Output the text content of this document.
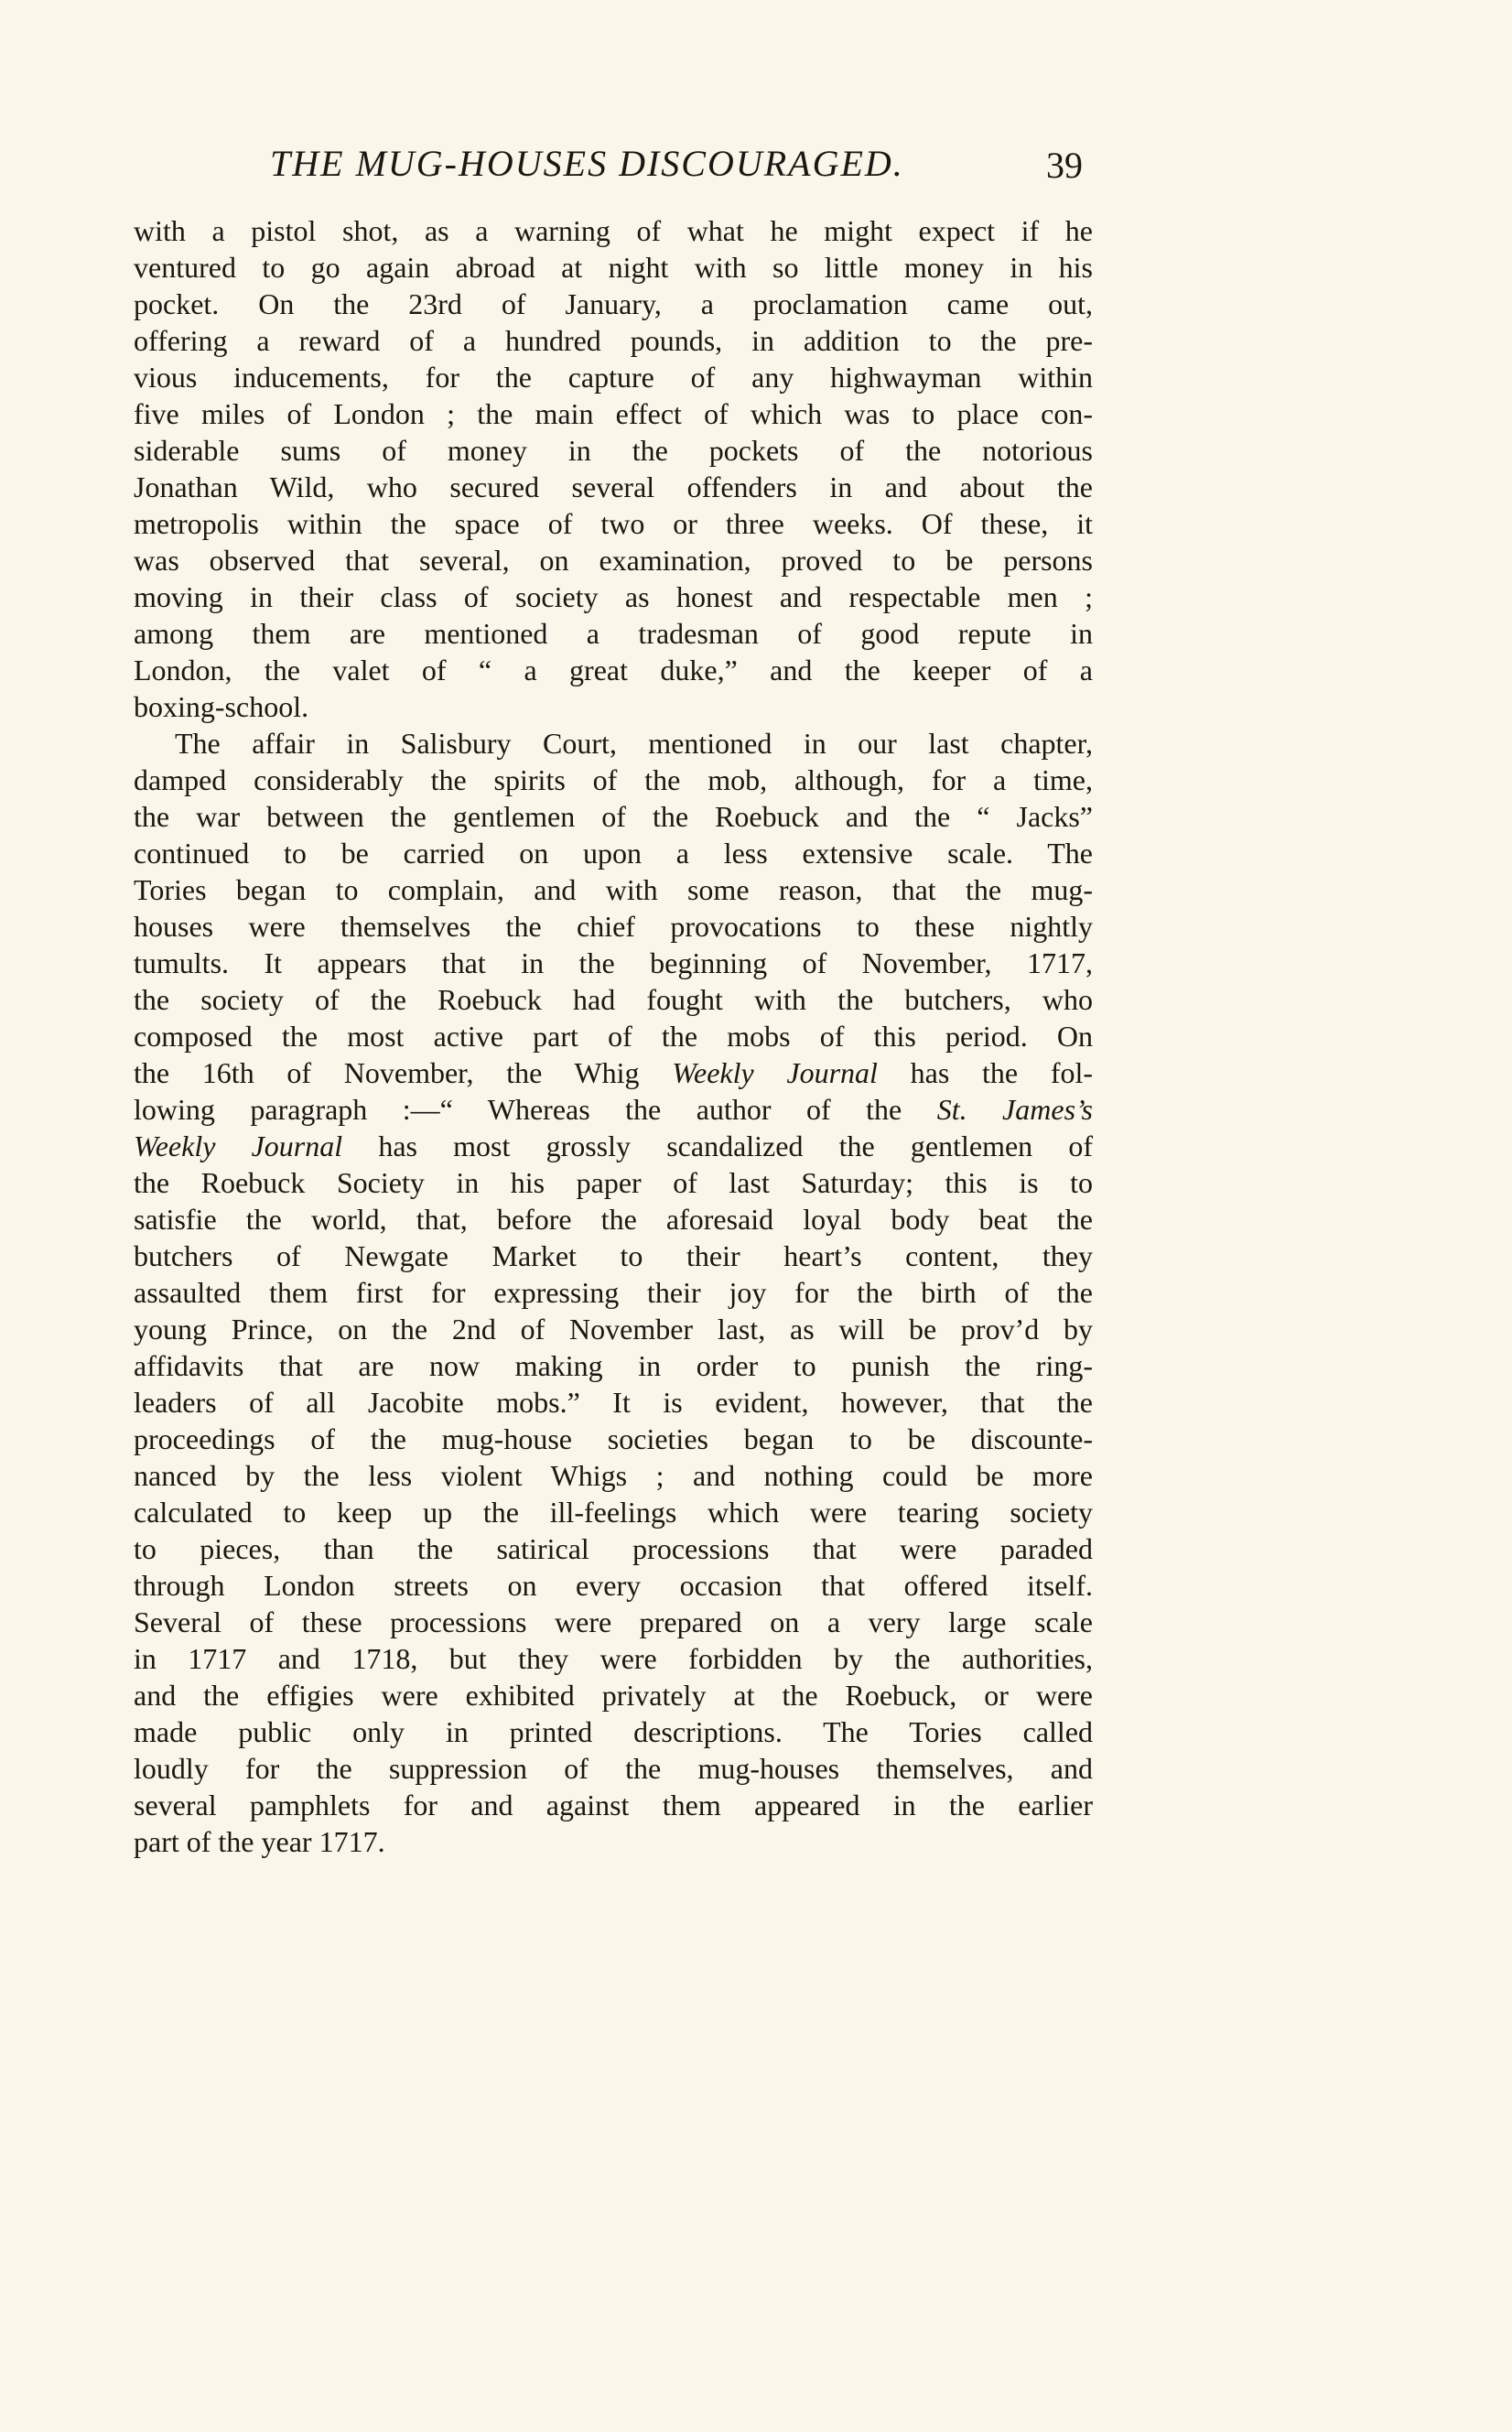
THE MUG-HOUSES DISCOURAGED.	39
with a pistol shot, as a warning of what he might expect if he
ventured to go again abroad at night with so little money in his
pocket. On the 23rd of January, a proclamation came out,
offering a reward of a hundred pounds, in addition to the pre-
vious inducements, for the capture of any highwayman within
five miles of London ; the main effect of which was to place con-
siderable sums of money in the pockets of the notorious
Jonathan Wild, who secured several offenders in and about the
metropolis within the space of two or three weeks. Of these, it
was observed that several, on examination, proved to be persons
moving in their class of society as honest and respectable men ;
among them are mentioned a tradesman of good repute in
London, the valet of “ a great duke,” and the keeper of a
boxing-school.
The affair in Salisbury Court, mentioned in our last chapter,
damped considerably the spirits of the mob, although, for a time,
the war between the gentlemen of the Roebuck and the “ Jacks”
continued to be carried on upon a less extensive scale. The
Tories began to complain, and with some reason, that the mug-
houses were themselves the chief provocations to these nightly
tumults. It appears that in the beginning of November, 1717,
the society of the Roebuck had fought with the butchers, who
composed the most active part of the mobs of this period. On
the 16th of November, the Whig Weekly Journal has the fol-
lowing paragraph :—“ Whereas the author of the St. James’s
Weekly Journal has most grossly scandalized the gentlemen of
the Roebuck Society in his paper of last Saturday; this is to
satisfie the world, that, before the aforesaid loyal body beat the
butchers of Newgate Market to their heart’s content, they
assaulted them first for expressing their joy for the birth of the
young Prince, on the 2nd of November last, as will be prov’d by
affidavits that are now making in order to punish the ring-
leaders of all Jacobite mobs.” It is evident, however, that the
proceedings of the mug-house societies began to be discounte-
nanced by the less violent Whigs ; and nothing could be more
calculated to keep up the ill-feelings which were tearing society
to pieces, than the satirical processions that were paraded
through London streets on every occasion that offered itself.
Several of these processions were prepared on a very large scale
in 1717 and 1718, but they were forbidden by the authorities,
and the effigies were exhibited privately at the Roebuck, or were
made public only in printed descriptions. The Tories called
loudly for the suppression of the mug-houses themselves, and
several pamphlets for and against them appeared in the earlier
part of the year 1717.
